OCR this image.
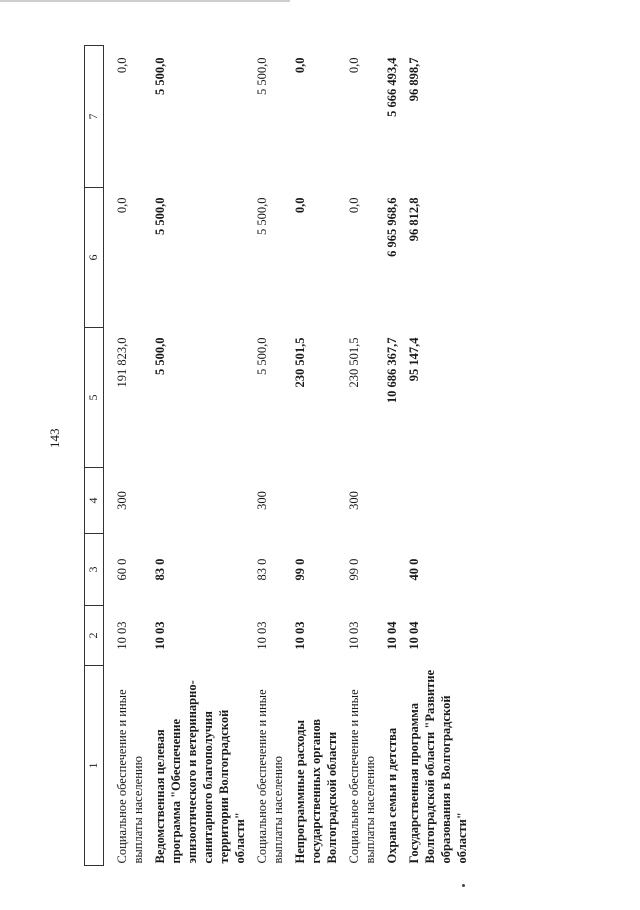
143
1	2	3	4	5	6	7
Социальное обеспечение и иные выплаты населению	10 03	60 0	300	191 823,0	0,0	0,0
Ведомственная целевая программа "Обеспечение эпизоотического и ветеринарно-санитарного благополучия территории Волгоградской области"	10 03	83 0		5 500,0	5 500,0	5 500,0
Социальное обеспечение и иные выплаты населению	10 03	83 0	300	5 500,0	5 500,0	5 500,0
Непрограммные расходы государственных органов Волгоградской области	10 03	99 0		230 501,5	0,0	0,0
Социальное обеспечение и иные выплаты населению	10 03	99 0	300	230 501,5	0,0	0,0
Охрана семьи и детства	10 04			10 686 367,7	6 965 968,6	5 666 493,4
Государственная программа Волгоградской области "Развитие образования в Волгоградской области"	10 04	40 0		95 147,4	96 812,8	96 898,7
